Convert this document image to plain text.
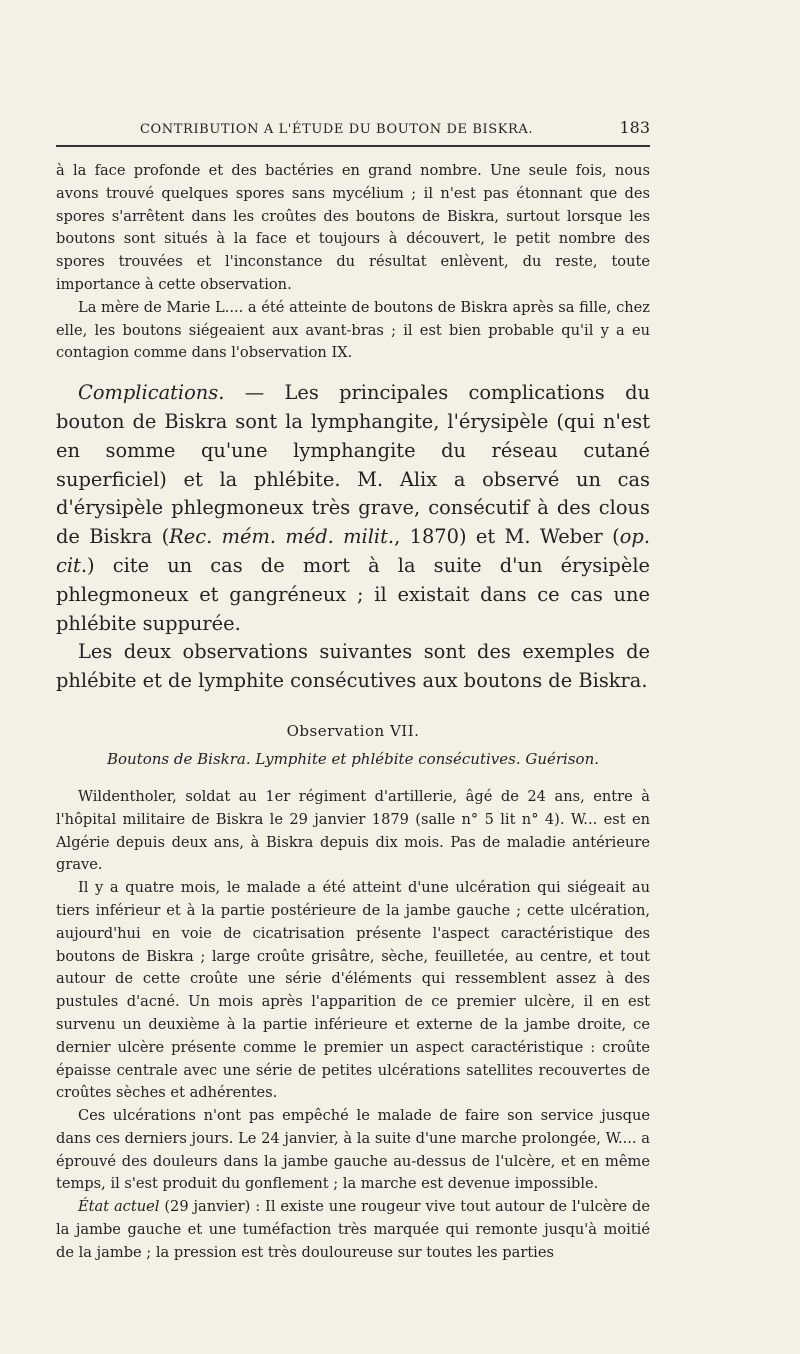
CONTRIBUTION A L'ÉTUDE DU BOUTON DE BISKRA.	183

à la face profonde et des bactéries en grand nombre. Une seule fois, nous avons trouvé quelques spores sans mycélium ; il n'est pas étonnant que des spores s'arrêtent dans les croûtes des boutons de Biskra, surtout lorsque les boutons sont situés à la face et toujours à découvert, le petit nombre des spores trouvées et l'inconstance du résultat enlèvent, du reste, toute importance à cette observation.

La mère de Marie L.... a été atteinte de boutons de Biskra après sa fille, chez elle, les boutons siégeaient aux avant-bras ; il est bien probable qu'il y a eu contagion comme dans l'observation IX.

Complications. — Les principales complications du bouton de Biskra sont la lymphangite, l'érysipèle (qui n'est en somme qu'une lymphangite du réseau cutané superficiel) et la phlébite. M. Alix a observé un cas d'érysipèle phlegmoneux très grave, consécutif à des clous de Biskra (Rec. mém. méd. milit., 1870) et M. Weber (op. cit.) cite un cas de mort à la suite d'un érysipèle phlegmoneux et gangréneux ; il existait dans ce cas une phlébite suppurée.

Les deux observations suivantes sont des exemples de phlébite et de lymphite consécutives aux boutons de Biskra.

Observation VII.
Boutons de Biskra. Lymphite et phlébite consécutives. Guérison.

Wildentholer, soldat au 1er régiment d'artillerie, âgé de 24 ans, entre à l'hôpital militaire de Biskra le 29 janvier 1879 (salle n° 5 lit n° 4). W... est en Algérie depuis deux ans, à Biskra depuis dix mois. Pas de maladie antérieure grave.

Il y a quatre mois, le malade a été atteint d'une ulcération qui siégeait au tiers inférieur et à la partie postérieure de la jambe gauche ; cette ulcération, aujourd'hui en voie de cicatrisation présente l'aspect caractéristique des boutons de Biskra ; large croûte grisâtre, sèche, feuilletée, au centre, et tout autour de cette croûte une série d'éléments qui ressemblent assez à des pustules d'acné. Un mois après l'apparition de ce premier ulcère, il en est survenu un deuxième à la partie inférieure et externe de la jambe droite, ce dernier ulcère présente comme le premier un aspect caractéristique : croûte épaisse centrale avec une série de petites ulcérations satellites recouvertes de croûtes sèches et adhérentes.

Ces ulcérations n'ont pas empêché le malade de faire son service jusque dans ces derniers jours. Le 24 janvier, à la suite d'une marche prolongée, W.... a éprouvé des douleurs dans la jambe gauche au-dessus de l'ulcère, et en même temps, il s'est produit du gonflement ; la marche est devenue impossible.

État actuel (29 janvier) : Il existe une rougeur vive tout autour de l'ulcère de la jambe gauche et une tuméfaction très marquée qui remonte jusqu'à moitié de la jambe ; la pression est très douloureuse sur toutes les parties
